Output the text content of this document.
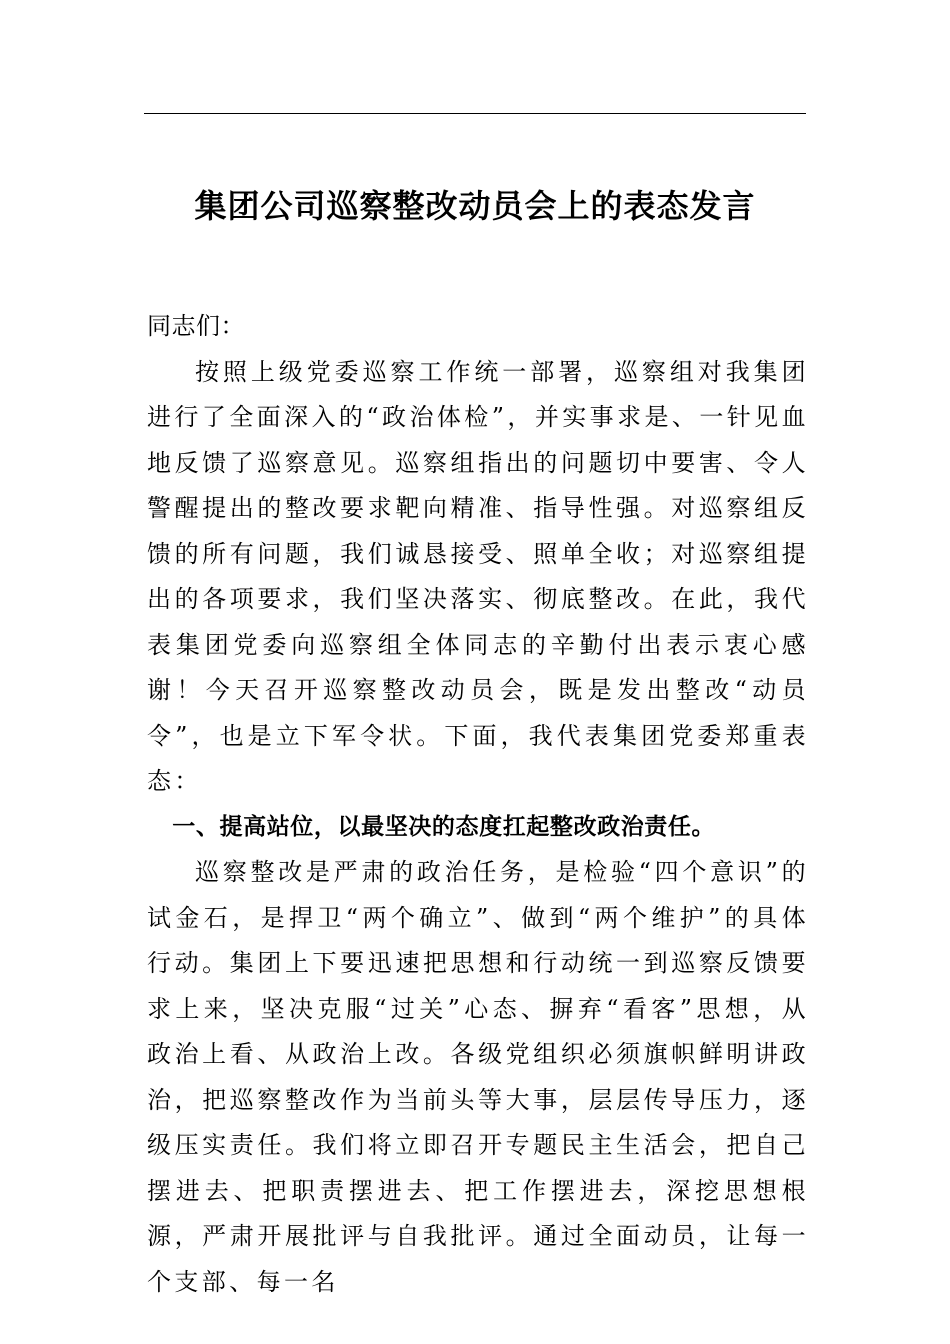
集团公司巡察整改动员会上的表态发言

同志们：

按照上级党委巡察工作统一部署，巡察组对我集团进行了全面深入的“政治体检”，并实事求是、一针见血地反馈了巡察意见。巡察组指出的问题切中要害、令人警醒提出的整改要求靶向精准、指导性强。对巡察组反馈的所有问题，我们诚恳接受、照单全收；对巡察组提出的各项要求，我们坚决落实、彻底整改。在此，我代表集团党委向巡察组全体同志的辛勤付出表示衷心感谢！今天召开巡察整改动员会，既是发出整改“动员令”，也是立下军令状。下面，我代表集团党委郑重表态：

一、提高站位，以最坚决的态度扛起整改政治责任。

巡察整改是严肃的政治任务，是检验“四个意识”的试金石，是捍卫“两个确立”、做到“两个维护”的具体行动。集团上下要迅速把思想和行动统一到巡察反馈要求上来，坚决克服“过关”心态、摒弃“看客”思想，从政治上看、从政治上改。各级党组织必须旗帜鲜明讲政治，把巡察整改作为当前头等大事，层层传导压力，逐级压实责任。我们将立即召开专题民主生活会，把自己摆进去、把职责摆进去、把工作摆进去，深挖思想根源，严肃开展批评与自我批评。通过全面动员，让每一个支部、每一名
